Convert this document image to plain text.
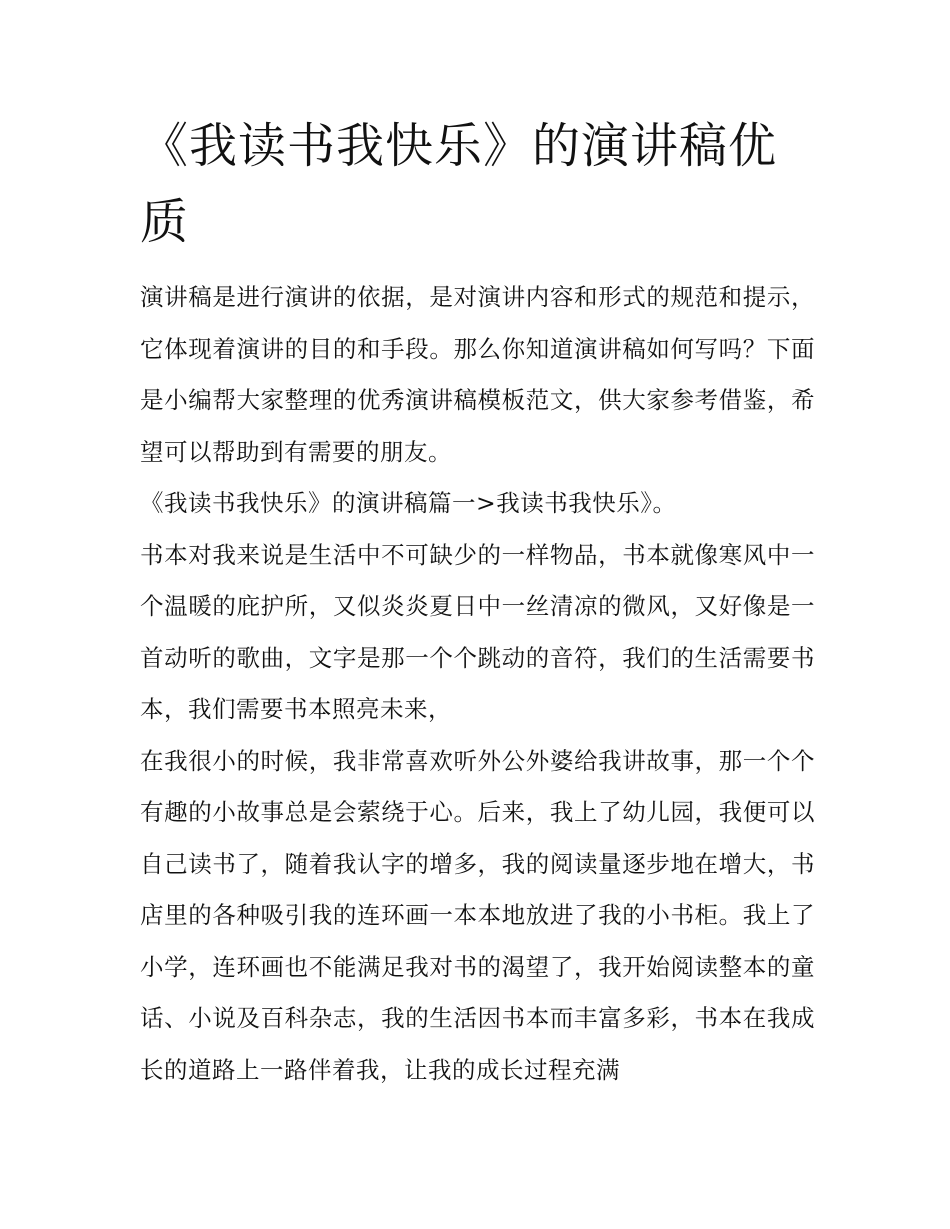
《我读书我快乐》的演讲稿优质

演讲稿是进行演讲的依据，是对演讲内容和形式的规范和提示，它体现着演讲的目的和手段。那么你知道演讲稿如何写吗？下面是小编帮大家整理的优秀演讲稿模板范文，供大家参考借鉴，希望可以帮助到有需要的朋友。

《我读书我快乐》的演讲稿篇一>我读书我快乐》。

书本对我来说是生活中不可缺少的一样物品，书本就像寒风中一个温暖的庇护所，又似炎炎夏日中一丝清凉的微风，又好像是一首动听的歌曲，文字是那一个个跳动的音符，我们的生活需要书本，我们需要书本照亮未来，

在我很小的时候，我非常喜欢听外公外婆给我讲故事，那一个个有趣的小故事总是会萦绕于心。后来，我上了幼儿园，我便可以自己读书了，随着我认字的增多，我的阅读量逐步地在增大，书店里的各种吸引我的连环画一本本地放进了我的小书柜。我上了小学，连环画也不能满足我对书的渴望了，我开始阅读整本的童话、小说及百科杂志，我的生活因书本而丰富多彩，书本在我成长的道路上一路伴着我，让我的成长过程充满
